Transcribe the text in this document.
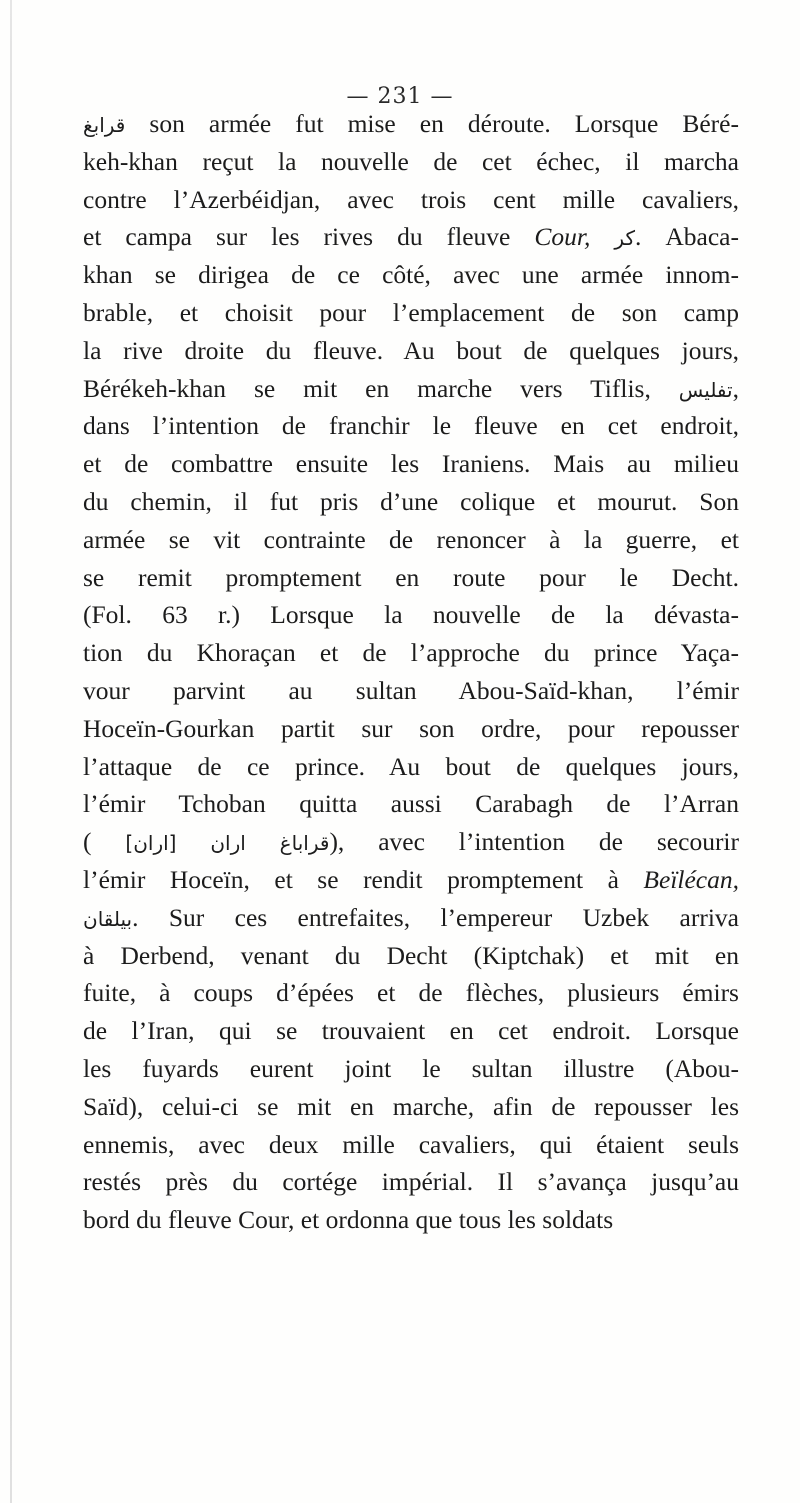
— 231 —
قرابغ son armée fut mise en déroute. Lorsque Béré-
keh-khan reçut la nouvelle de cet échec, il marcha
contre l’Azerbéidjan, avec trois cent mille cavaliers,
et campa sur les rives du fleuve Cour, كر. Abaca-
khan se dirigea de ce côté, avec une armée innom-
brable, et choisit pour l’emplacement de son camp
la rive droite du fleuve. Au bout de quelques jours,
Bérékeh-khan se mit en marche vers Tiflis, تفليس,
dans l’intention de franchir le fleuve en cet endroit,
et de combattre ensuite les Iraniens. Mais au milieu
du chemin, il fut pris d’une colique et mourut. Son
armée se vit contrainte de renoncer à la guerre, et
se remit promptement en route pour le Decht.
(Fol. 63 r.) Lorsque la nouvelle de la dévasta-
tion du Khoraçan et de l’approche du prince Yaça-
vour parvint au sultan Abou-Saïd-khan, l’émir
Hoceïn-Gourkan partit sur son ordre, pour repousser
l’attaque de ce prince. Au bout de quelques jours,
l’émir Tchoban quitta aussi Carabagh de l’Arran
( قراباغ اران [اران]), avec l’intention de secourir
l’émir Hoceïn, et se rendit promptement à Beïlécan,
بيلقان. Sur ces entrefaites, l’empereur Uzbek arriva
à Derbend, venant du Decht (Kiptchak) et mit en
fuite, à coups d’épées et de flèches, plusieurs émirs
de l’Iran, qui se trouvaient en cet endroit. Lorsque
les fuyards eurent joint le sultan illustre (Abou-
Saïd), celui-ci se mit en marche, afin de repousser les
ennemis, avec deux mille cavaliers, qui étaient seuls
restés près du cortége impérial. Il s’avança jusqu’au
bord du fleuve Cour, et ordonna que tous les soldats
